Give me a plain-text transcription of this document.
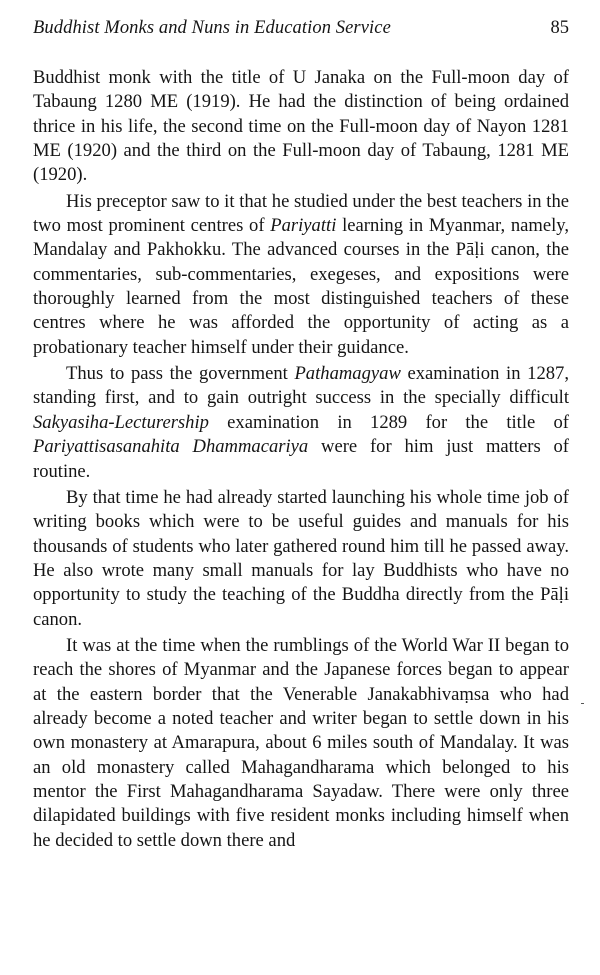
Buddhist Monks and Nuns in Education Service	85

Buddhist monk with the title of U Janaka on the Full-moon day of Tabaung 1280 ME (1919). He had the distinction of being ordained thrice in his life, the second time on the Full-moon day of Nayon 1281 ME (1920) and the third on the Full-moon day of Tabaung, 1281 ME (1920).

His preceptor saw to it that he studied under the best teachers in the two most prominent centres of Pariyatti learning in Myanmar, namely, Mandalay and Pakhokku. The advanced courses in the Pāḷi canon, the commentaries, sub-commentaries, exegeses, and expositions were thoroughly learned from the most distinguished teachers of these centres where he was afforded the opportunity of acting as a probationary teacher himself under their guidance.

Thus to pass the government Pathamagyaw examination in 1287, standing first, and to gain outright success in the specially difficult Sakyasiha-Lecturership examination in 1289 for the title of Pariyattisasanahita Dhammacariya were for him just matters of routine.

By that time he had already started launching his whole time job of writing books which were to be useful guides and manuals for his thousands of students who later gathered round him till he passed away. He also wrote many small manuals for lay Buddhists who have no opportunity to study the teaching of the Buddha directly from the Pāḷi canon.

It was at the time when the rumblings of the World War II began to reach the shores of Myanmar and the Japanese forces began to appear at the eastern border that the Venerable Janakabhivaṃsa who had already become a noted teacher and writer began to settle down in his own monastery at Amarapura, about 6 miles south of Mandalay. It was an old monastery called Mahagandharama which belonged to his mentor the First Mahagandharama Sayadaw. There were only three dilapidated buildings with five resident monks including himself when he decided to settle down there and
